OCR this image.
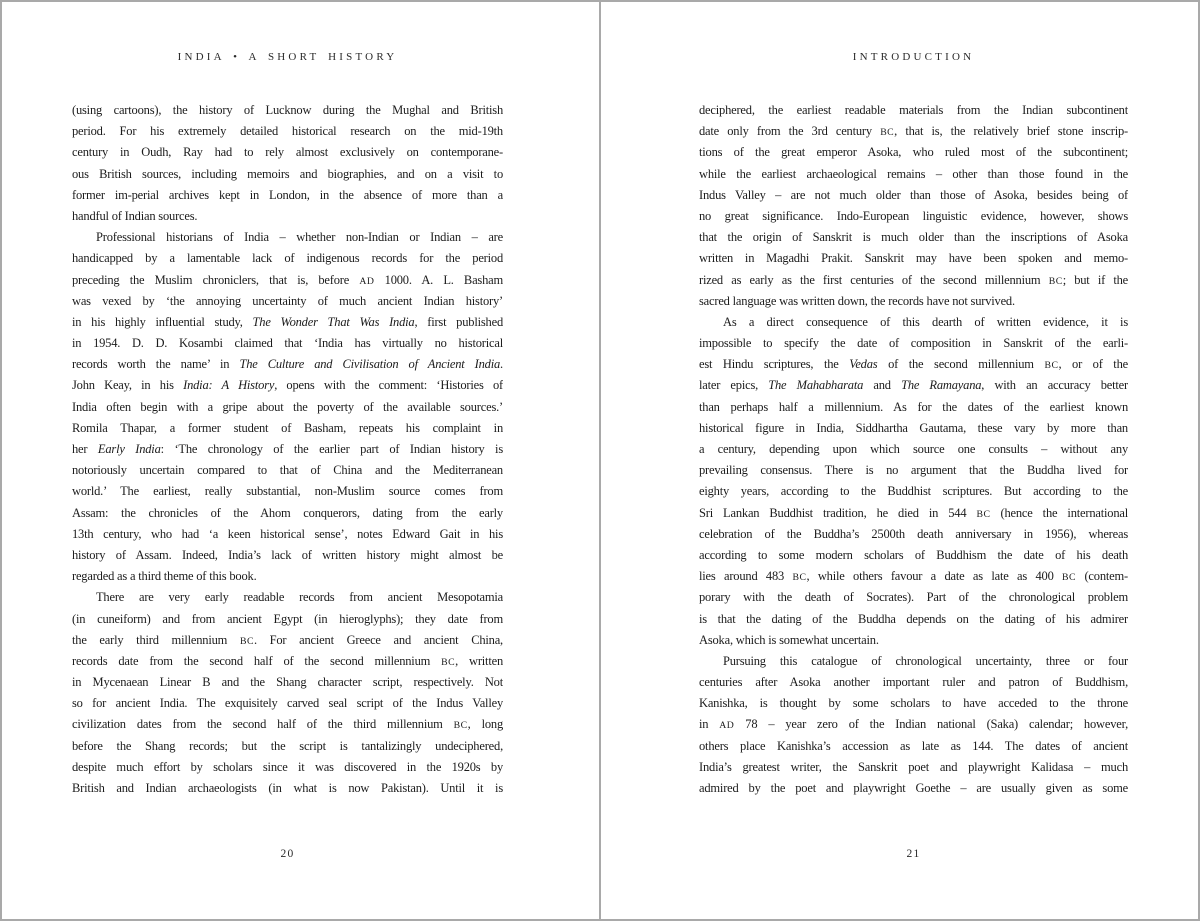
INDIA • A SHORT HISTORY
(using cartoons), the history of Lucknow during the Mughal and British
period. For his extremely detailed historical research on the mid-19th
century in Oudh, Ray had to rely almost exclusively on contemporane-
ous British sources, including memoirs and biographies, and on a visit to
former im-perial archives kept in London, in the absence of more than a
handful of Indian sources.
Professional historians of India – whether non-Indian or Indian – are
handicapped by a lamentable lack of indigenous records for the period
preceding the Muslim chroniclers, that is, before AD 1000. A. L. Basham
was vexed by ‘the annoying uncertainty of much ancient Indian history’
in his highly influential study, The Wonder That Was India, first published
in 1954. D. D. Kosambi claimed that ‘India has virtually no historical
records worth the name’ in The Culture and Civilisation of Ancient India.
John Keay, in his India: A History, opens with the comment: ‘Histories of
India often begin with a gripe about the poverty of the available sources.’
Romila Thapar, a former student of Basham, repeats his complaint in
her Early India: ‘The chronology of the earlier part of Indian history is
notoriously uncertain compared to that of China and the Mediterranean
world.’ The earliest, really substantial, non-Muslim source comes from
Assam: the chronicles of the Ahom conquerors, dating from the early
13th century, who had ‘a keen historical sense’, notes Edward Gait in his
history of Assam. Indeed, India’s lack of written history might almost be
regarded as a third theme of this book.
There are very early readable records from ancient Mesopotamia
(in cuneiform) and from ancient Egypt (in hieroglyphs); they date from
the early third millennium BC. For ancient Greece and ancient China,
records date from the second half of the second millennium BC, written
in Mycenaean Linear B and the Shang character script, respectively. Not
so for ancient India. The exquisitely carved seal script of the Indus Valley
civilization dates from the second half of the third millennium BC, long
before the Shang records; but the script is tantalizingly undeciphered,
despite much effort by scholars since it was discovered in the 1920s by
British and Indian archaeologists (in what is now Pakistan). Until it is
20
INTRODUCTION
deciphered, the earliest readable materials from the Indian subcontinent
date only from the 3rd century BC, that is, the relatively brief stone inscrip-
tions of the great emperor Asoka, who ruled most of the subcontinent;
while the earliest archaeological remains – other than those found in the
Indus Valley – are not much older than those of Asoka, besides being of
no great significance. Indo-European linguistic evidence, however, shows
that the origin of Sanskrit is much older than the inscriptions of Asoka
written in Magadhi Prakit. Sanskrit may have been spoken and memo-
rized as early as the first centuries of the second millennium BC; but if the
sacred language was written down, the records have not survived.
As a direct consequence of this dearth of written evidence, it is
impossible to specify the date of composition in Sanskrit of the earli-
est Hindu scriptures, the Vedas of the second millennium BC, or of the
later epics, The Mahabharata and The Ramayana, with an accuracy better
than perhaps half a millennium. As for the dates of the earliest known
historical figure in India, Siddhartha Gautama, these vary by more than
a century, depending upon which source one consults – without any
prevailing consensus. There is no argument that the Buddha lived for
eighty years, according to the Buddhist scriptures. But according to the
Sri Lankan Buddhist tradition, he died in 544 BC (hence the international
celebration of the Buddha’s 2500th death anniversary in 1956), whereas
according to some modern scholars of Buddhism the date of his death
lies around 483 BC, while others favour a date as late as 400 BC (contem-
porary with the death of Socrates). Part of the chronological problem
is that the dating of the Buddha depends on the dating of his admirer
Asoka, which is somewhat uncertain.
Pursuing this catalogue of chronological uncertainty, three or four
centuries after Asoka another important ruler and patron of Buddhism,
Kanishka, is thought by some scholars to have acceded to the throne
in AD 78 – year zero of the Indian national (Saka) calendar; however,
others place Kanishka’s accession as late as 144. The dates of ancient
India’s greatest writer, the Sanskrit poet and playwright Kalidasa – much
admired by the poet and playwright Goethe – are usually given as some
21
